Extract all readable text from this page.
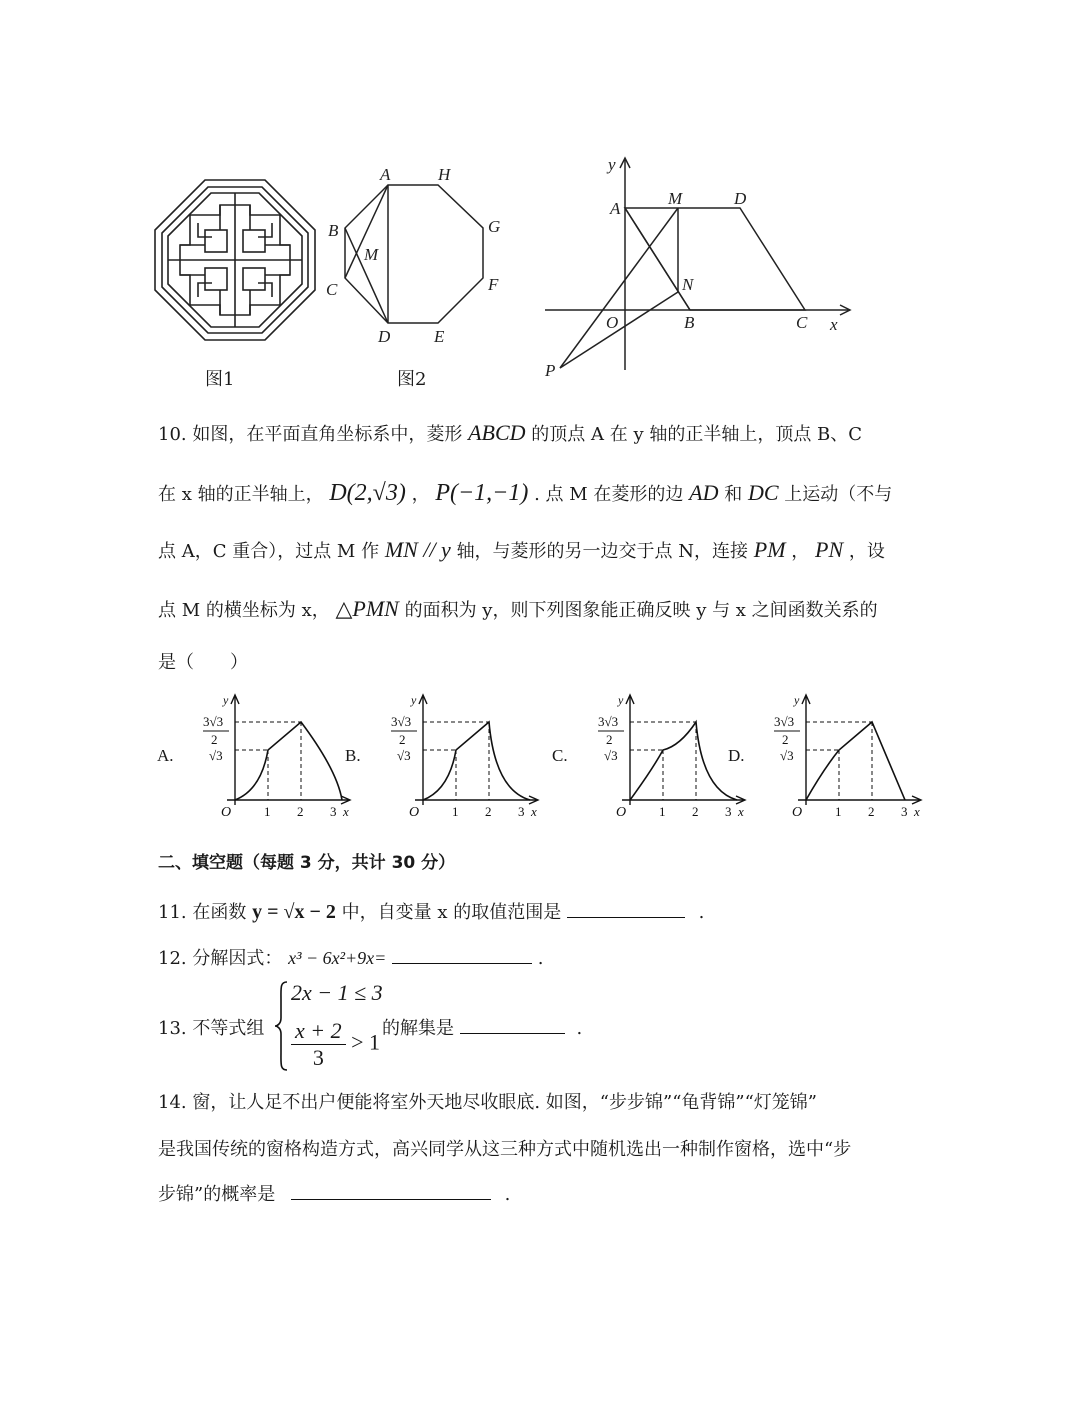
图1
A	H
G
F
E
D
C
B
M
图2
y
A
M	D
N
O	B	C x
P
10. 如图，在平面直角坐标系中，菱形 ABCD 的顶点 A 在 y 轴的正半轴上，顶点 B、C
在 x 轴的正半轴上， D(2,√3) ， P(−1,−1) . 点 M 在菱形的边 AD 和 DC 上运动（不与
点 A，C 重合），过点 M 作 MN // y 轴，与菱形的另一边交于点 N，连接 PM ， PN ，设
点 M 的横坐标为 x， △PMN 的面积为 y，则下列图象能正确反映 y 与 x 之间函数关系的
是（　　）
A.
y
3√3
2
√3
O	1 2 3 x
B.
y
3√3
2
√3
O	1 2 3 x
C.
y
3√3
2
√3
O	1 2 3 x
D.
y
3√3
2
√3
O	1 2 3 x
二、填空题（每题 3 分，共计 30 分）
11. 在函数 y = √x − 2 中，自变量 x 的取值范围是	.
12. 分解因式： x³ − 6x²+9x=	.
13. 不等式组
2x − 1 ≤ 3
$\frac{x + 2}{3} > 1$
的解集是	.
14. 窗，让人足不出户便能将室外天地尽收眼底. 如图，“步步锦”“龟背锦”“灯笼锦”
是我国传统的窗格构造方式，高兴同学从这三种方式中随机选出一种制作窗格，选中“步
步锦”的概率是	.
